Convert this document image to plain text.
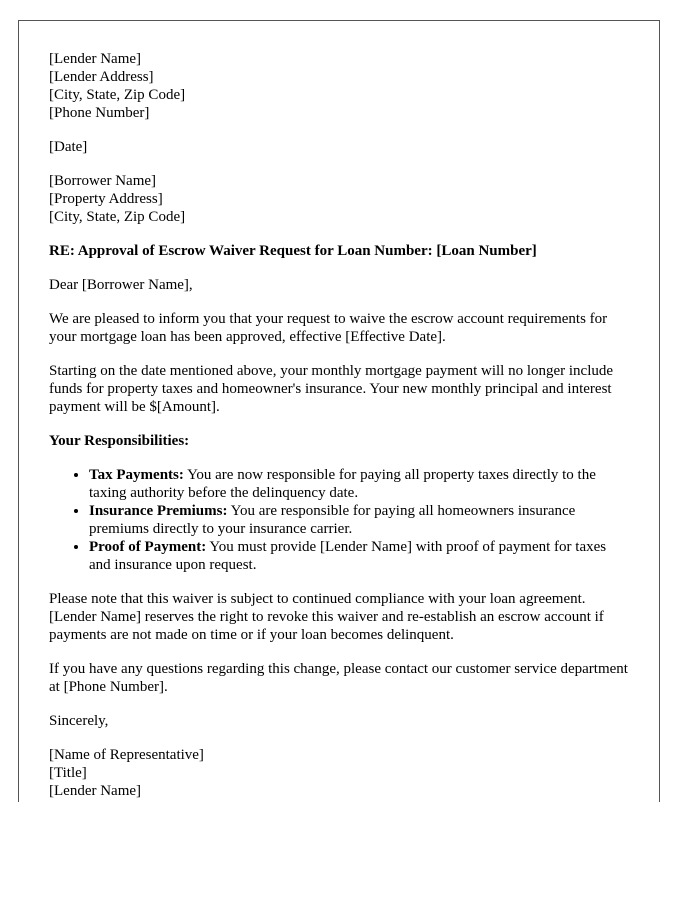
[Lender Name]
[Lender Address]
[City, State, Zip Code]
[Phone Number]
[Date]
[Borrower Name]
[Property Address]
[City, State, Zip Code]
RE: Approval of Escrow Waiver Request for Loan Number: [Loan Number]

Dear [Borrower Name],

We are pleased to inform you that your request to waive the escrow account requirements for your mortgage loan has been approved, effective [Effective Date].

Starting on the date mentioned above, your monthly mortgage payment will no longer include funds for property taxes and homeowner's insurance. Your new monthly principal and interest payment will be $[Amount].

Your Responsibilities:
• Tax Payments: You are now responsible for paying all property taxes directly to the taxing authority before the delinquency date.
• Insurance Premiums: You are responsible for paying all homeowners insurance premiums directly to your insurance carrier.
• Proof of Payment: You must provide [Lender Name] with proof of payment for taxes and insurance upon request.

Please note that this waiver is subject to continued compliance with your loan agreement. [Lender Name] reserves the right to revoke this waiver and re-establish an escrow account if payments are not made on time or if your loan becomes delinquent.

If you have any questions regarding this change, please contact our customer service department at [Phone Number].

Sincerely,

[Name of Representative]
[Title]
[Lender Name]
